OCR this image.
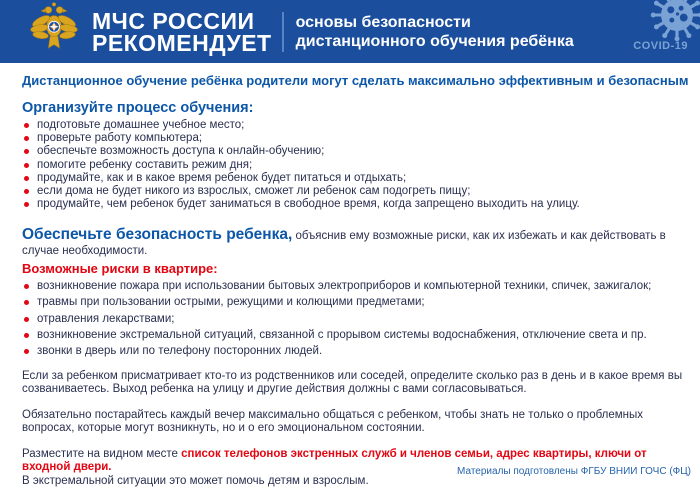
МЧС РОССИИ
РЕКОМЕНДУЕТ
основы безопасности
дистанционного обучения ребёнка	COVID-19
Дистанционное обучение ребёнка родители могут сделать максимально эффективным и безопасным
Организуйте процесс обучения:
подготовьте домашнее учебное место;
проверьте работу компьютера;
обеспечьте возможность доступа к онлайн-обучению;
помогите ребенку составить режим дня;
продумайте, как и в какое время ребенок будет питаться и отдыхать;
если дома не будет никого из взрослых, сможет ли ребенок сам подогреть пищу;
продумайте, чем ребенок будет заниматься в свободное время, когда запрещено выходить на улицу.
Обеспечьте безопасность ребенка, объяснив ему возможные риски, как их избежать и как действовать в случае необходимости.
Возможные риски в квартире:
возникновение пожара при использовании бытовых электроприборов и компьютерной техники, спичек, зажигалок;
травмы при пользовании острыми, режущими и колющими предметами;
отравления лекарствами;
возникновение экстремальной ситуаций, связанной с прорывом системы водоснабжения, отключение света и пр.
звонки в дверь или по телефону посторонних людей.

Если за ребенком присматривает кто-то из родственников или соседей, определите сколько раз в день и в какое время вы созваниваетесь. Выход ребенка на улицу и другие действия должны с вами согласовываться.

Обязательно постарайтесь каждый вечер максимально общаться с ребенком, чтобы знать не только о проблемных вопросах, которые могут возникнуть, но и о его эмоциональном состоянии.

Разместите на видном месте список телефонов экстренных служб и членов семьи, адрес квартиры, ключи от входной двери.
В экстремальной ситуации это может помочь детям и взрослым.

Материалы подготовлены ФГБУ ВНИИ ГОЧС (ФЦ)
